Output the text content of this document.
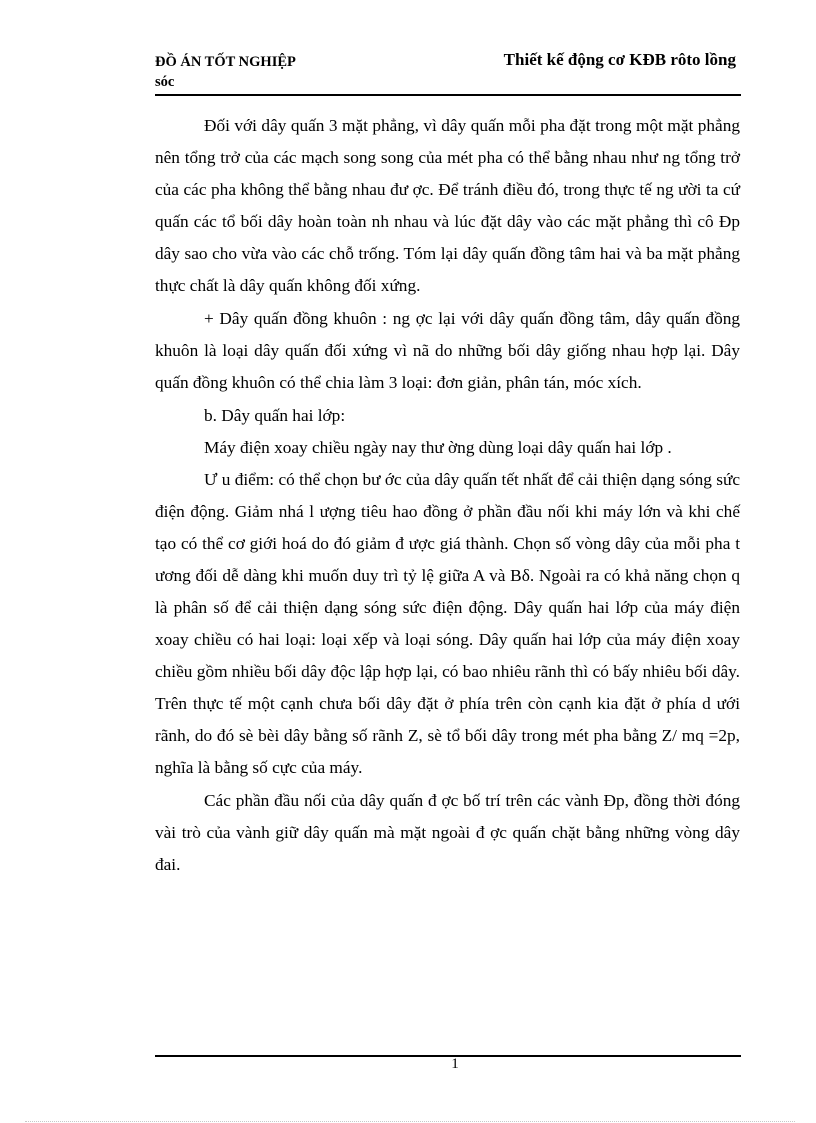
ĐỒ ÁN TỐT NGHIỆP
sóc
Thiết kế động cơ KĐB rôto lồng

Đối với dây quấn 3 mặt phẳng, vì dây quấn mỗi pha đặt trong một mặt phẳng nên tổng trở của các mạch song song của mét pha có thể bằng nhau như ng tổng trở của các pha không thể bằng nhau đư ợc. Để tránh điều đó, trong thực tế ng ười ta cứ quấn các tổ bối dây hoàn toàn nh nhau và lúc đặt dây vào các mặt phẳng thì cô Ðp dây sao cho vừa vào các chỗ trống. Tóm lại dây quấn đồng tâm hai và ba mặt phẳng thực chất là dây quấn không đối xứng.

+ Dây quấn đồng khuôn : ng ợc lại với dây quấn đồng tâm, dây quấn đồng khuôn là loại dây quấn đối xứng vì nã do những bối dây giống nhau hợp lại. Dây quấn đồng khuôn có thể chia làm 3 loại: đơn giản, phân tán, móc xích.

b. Dây quấn hai lớp:

Máy điện xoay chiều ngày nay thư ờng dùng loại dây quấn hai lớp .

Ư u điểm: có thể chọn bư ớc của dây quấn tết nhất để cải thiện dạng sóng sức điện động. Giảm nhá l ượng tiêu hao đồng ở phần đầu nối khi máy lớn và khi chế tạo có thể cơ giới hoá do đó giảm đ ược giá thành. Chọn số vòng dây của mỗi pha t ương đối dễ dàng khi muốn duy trì tỷ lệ giữa A và Bδ. Ngoài ra có khả năng chọn q là phân số để cải thiện dạng sóng sức điện động. Dây quấn hai lớp của máy điện xoay chiều có hai loại: loại xếp và loại sóng. Dây quấn hai lớp của máy điện xoay chiều gồm nhiều bối dây độc lập hợp lại, có bao nhiêu rãnh thì có bấy nhiêu bối dây. Trên thực tế một cạnh chưa bối dây đặt ở phía trên còn cạnh kia đặt ở phía d ưới rãnh, do đó sè bèi dây bằng số rãnh Z, sè tổ bối dây trong mét pha bằng Z/ mq =2p, nghĩa là bằng số cực của máy.

Các phần đầu nối của dây quấn đ ợc bố trí trên các vành Ðp, đồng thời đóng vài trò của vành giữ dây quấn mà mặt ngoài đ ợc quấn chặt bằng những vòng dây đai.

1
